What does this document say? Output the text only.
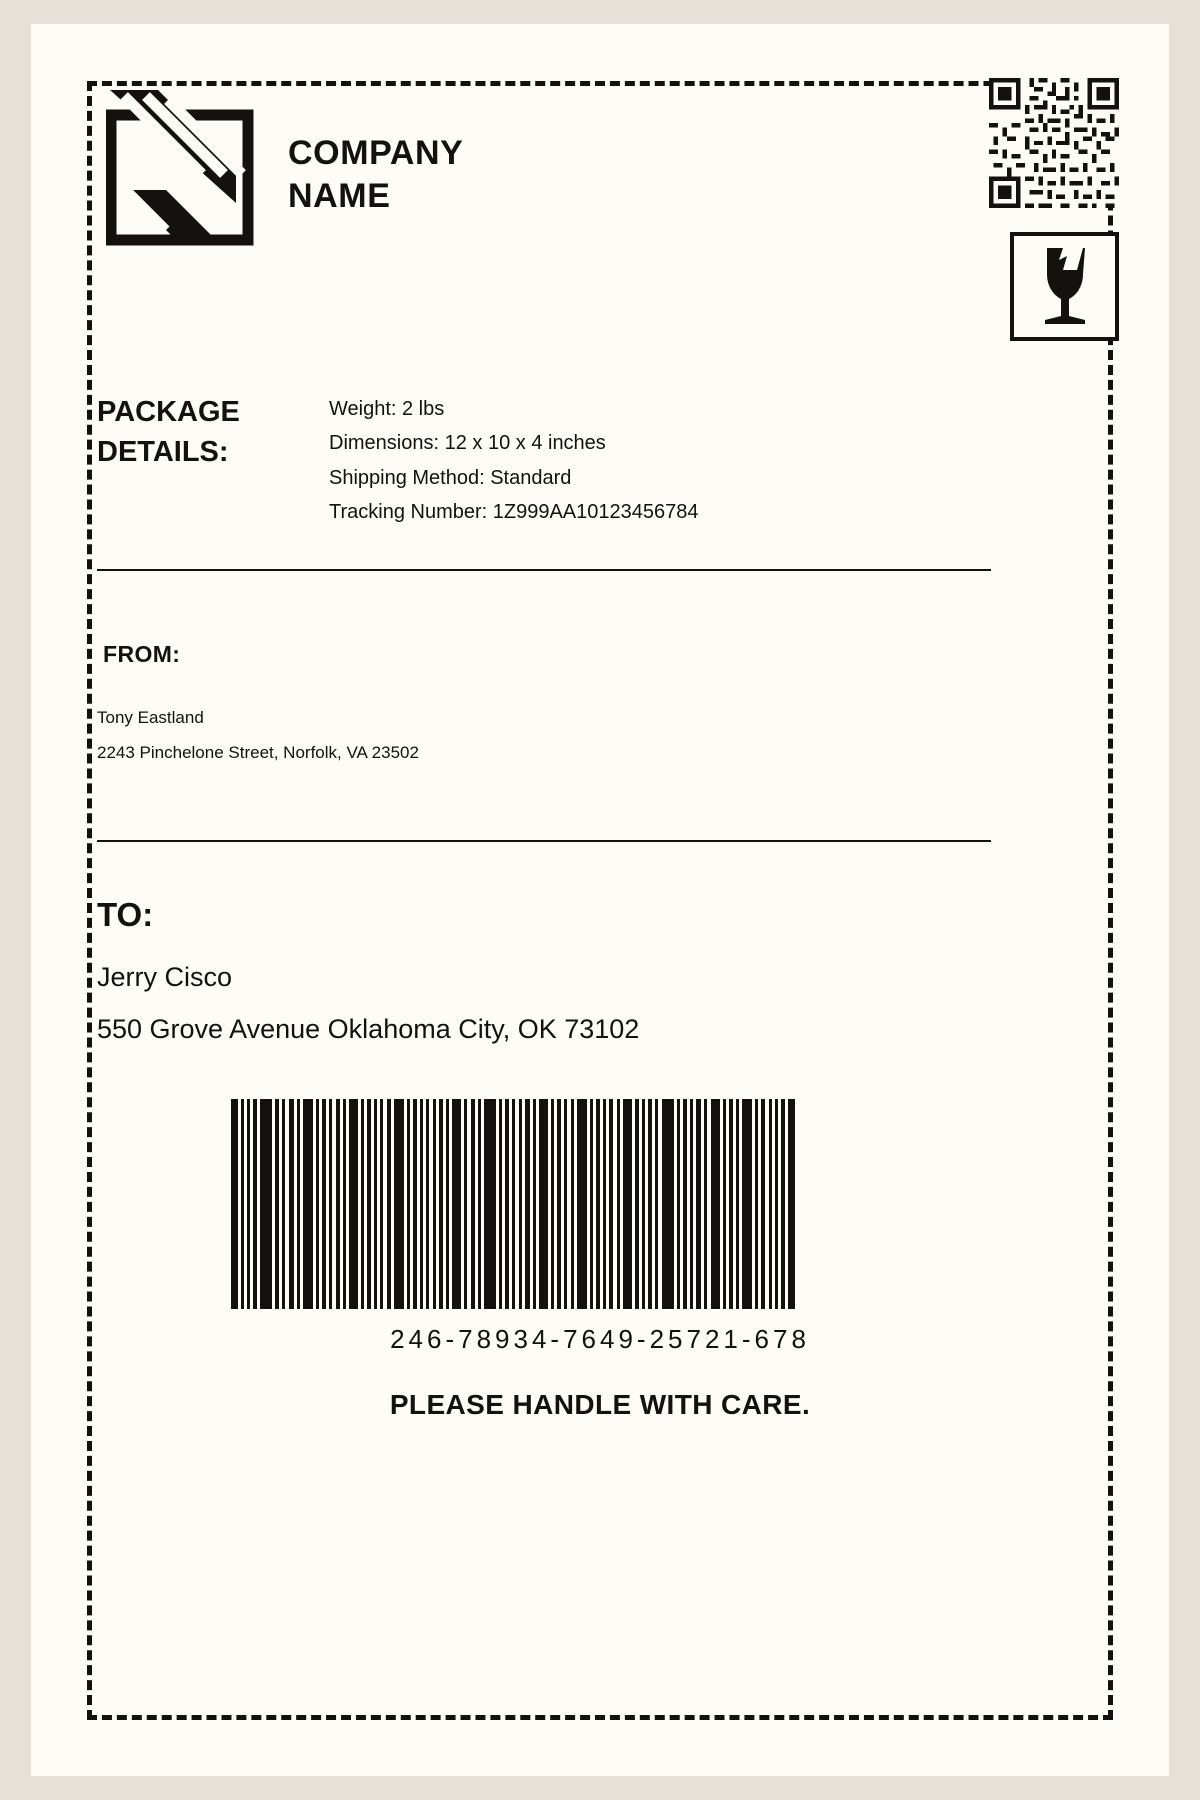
COMPANY
NAME
PACKAGE
DETAILS:
Weight: 2 lbs
Dimensions: 12 x 10 x 4 inches
Shipping Method: Standard
Tracking Number: 1Z999AA10123456784
FROM:
Tony Eastland
2243 Pinchelone Street, Norfolk, VA 23502
TO:
Jerry Cisco
550 Grove Avenue Oklahoma City, OK 73102
246-78934-7649-25721-678
PLEASE HANDLE WITH CARE.
